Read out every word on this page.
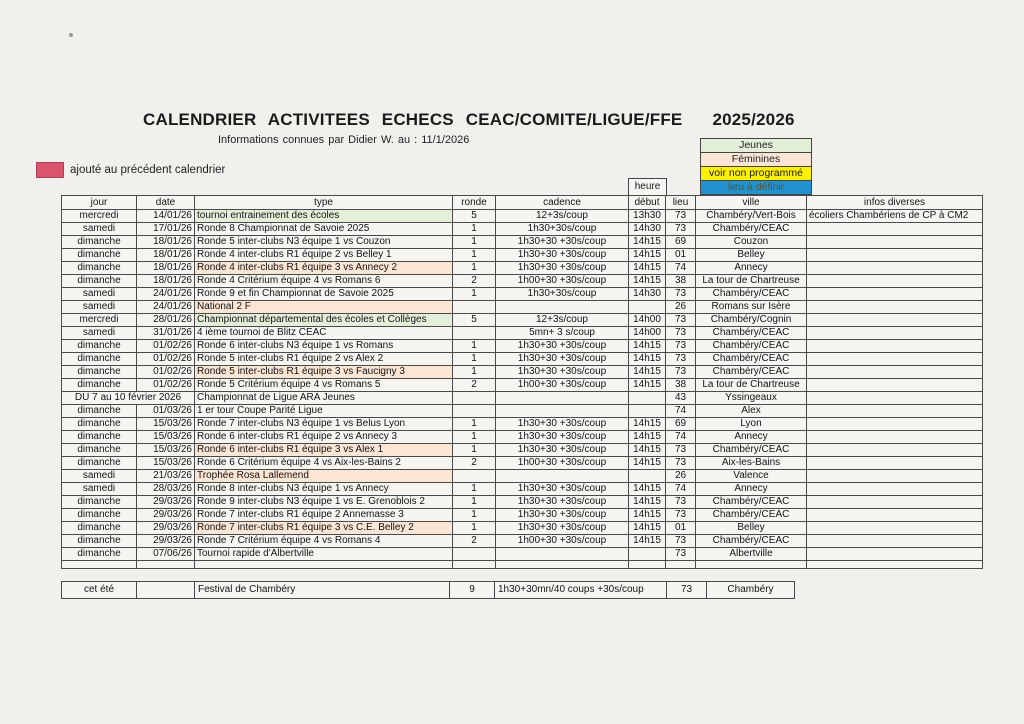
CALENDRIER ACTIVITEES ECHECS CEAC/COMITE/LIGUE/FFE 2025/2026
Informations connues par Didier W. au : 11/1/2026
ajouté au précédent calendrier
Jeunes
Féminines
voir non programmé
lieu à définir
heure
jour	date	type	ronde	cadence	début	lieu	ville	infos diverses
mercredi	14/01/26	tournoi entrainement des écoles	5	12+3s/coup	13h30	73	Chambéry/Vert-Bois	écoliers Chambériens de CP à CM2
samedi	17/01/26	Ronde 8 Championnat de Savoie 2025	1	1h30+30s/coup	14h30	73	Chambéry/CEAC	
dimanche	18/01/26	Ronde 5 inter-clubs N3 équipe 1 vs Couzon	1	1h30+30 +30s/coup	14h15	69	Couzon	
dimanche	18/01/26	Ronde 4 inter-clubs R1 équipe 2 vs Belley 1	1	1h30+30 +30s/coup	14h15	01	Belley	
dimanche	18/01/26	Ronde 4 inter-clubs R1 équipe 3 vs Annecy 2	1	1h30+30 +30s/coup	14h15	74	Annecy	
dimanche	18/01/26	Ronde 4 Critérium équipe 4 vs Romans 6	2	1h00+30 +30s/coup	14h15	38	La tour de Chartreuse	
samedi	24/01/26	Ronde 9 et fin Championnat de Savoie 2025	1	1h30+30s/coup	14h30	73	Chambéry/CEAC	
samedi	24/01/26	National 2 F				26	Romans sur Isère	
mercredi	28/01/26	Championnat départemental des écoles et Collèges	5	12+3s/coup	14h00	73	Chambéry/Cognin	
samedi	31/01/26	4 ième tournoi de Blitz CEAC		5mn+ 3 s/coup	14h00	73	Chambéry/CEAC	
dimanche	01/02/26	Ronde 6 inter-clubs N3 équipe 1 vs Romans	1	1h30+30 +30s/coup	14h15	73	Chambéry/CEAC	
dimanche	01/02/26	Ronde 5 inter-clubs R1 équipe 2 vs Alex 2	1	1h30+30 +30s/coup	14h15	73	Chambéry/CEAC	
dimanche	01/02/26	Ronde 5 inter-clubs R1 équipe 3 vs Faucigny 3	1	1h30+30 +30s/coup	14h15	73	Chambéry/CEAC	
dimanche	01/02/26	Ronde 5 Critérium équipe 4 vs Romans 5	2	1h00+30 +30s/coup	14h15	38	La tour de Chartreuse	
DU 7 au 10 février 2026		Championnat de Ligue ARA Jeunes				43	Yssingeaux	
dimanche	01/03/26	1 er tour Coupe Parité Ligue				74	Alex	
dimanche	15/03/26	Ronde 7 inter-clubs N3 équipe 1 vs Belus Lyon	1	1h30+30 +30s/coup	14h15	69	Lyon	
dimanche	15/03/26	Ronde 6 inter-clubs R1 équipe 2 vs Annecy 3	1	1h30+30 +30s/coup	14h15	74	Annecy	
dimanche	15/03/26	Ronde 6 inter-clubs R1 équipe 3 vs Alex 1	1	1h30+30 +30s/coup	14h15	73	Chambéry/CEAC	
dimanche	15/03/26	Ronde 6 Critérium équipe 4 vs Aix-les-Bains 2	2	1h00+30 +30s/coup	14h15	73	Aix-les-Bains	
samedi	21/03/26	Trophée Rosa Lallemend				26	Valence	
samedi	28/03/26	Ronde 8 inter-clubs N3 équipe 1 vs Annecy	1	1h30+30 +30s/coup	14h15	74	Annecy	
dimanche	29/03/26	Ronde 9 inter-clubs N3 équipe 1 vs E. Grenoblois 2	1	1h30+30 +30s/coup	14h15	73	Chambéry/CEAC	
dimanche	29/03/26	Ronde 7 inter-clubs R1 équipe 2 Annemasse 3	1	1h30+30 +30s/coup	14h15	73	Chambéry/CEAC	
dimanche	29/03/26	Ronde 7 inter-clubs R1 équipe 3 vs C.E. Belley 2	1	1h30+30 +30s/coup	14h15	01	Belley	
dimanche	29/03/26	Ronde 7 Critérium équipe 4 vs Romans 4	2	1h00+30 +30s/coup	14h15	73	Chambéry/CEAC	
dimanche	07/06/26	Tournoi rapide d'Albertville				73	Albertville	

cet été		Festival de Chambéry	9	1h30+30mn/40 coups +30s/coup	73	Chambéry
